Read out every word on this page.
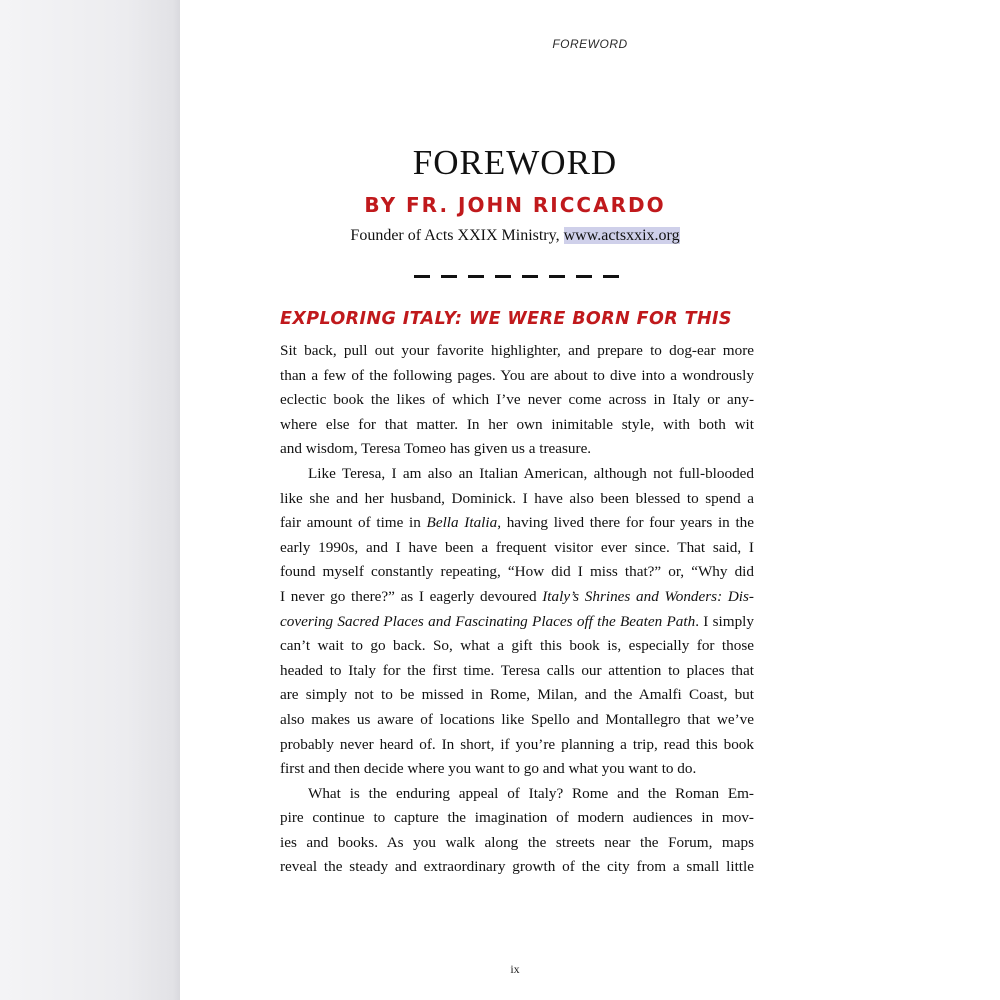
FOREWORD
FOREWORD
BY FR. JOHN RICCARDO
Founder of Acts XXIX Ministry, www.actsxxix.org
EXPLORING ITALY: WE WERE BORN FOR THIS

Sit back, pull out your favorite highlighter, and prepare to dog-ear more
than a few of the following pages. You are about to dive into a wondrously
eclectic book the likes of which I’ve never come across in Italy or any-
where else for that matter. In her own inimitable style, with both wit
and wisdom, Teresa Tomeo has given us a treasure.

Like Teresa, I am also an Italian American, although not full-blooded
like she and her husband, Dominick. I have also been blessed to spend a
fair amount of time in Bella Italia, having lived there for four years in the
early 1990s, and I have been a frequent visitor ever since. That said, I
found myself constantly repeating, “How did I miss that?” or, “Why did
I never go there?” as I eagerly devoured Italy’s Shrines and Wonders: Dis-
covering Sacred Places and Fascinating Places off the Beaten Path. I simply
can’t wait to go back. So, what a gift this book is, especially for those
headed to Italy for the first time. Teresa calls our attention to places that
are simply not to be missed in Rome, Milan, and the Amalfi Coast, but
also makes us aware of locations like Spello and Montallegro that we’ve
probably never heard of. In short, if you’re planning a trip, read this book
first and then decide where you want to go and what you want to do.

What is the enduring appeal of Italy? Rome and the Roman Em-
pire continue to capture the imagination of modern audiences in mov-
ies and books. As you walk along the streets near the Forum, maps
reveal the steady and extraordinary growth of the city from a small little

ix
